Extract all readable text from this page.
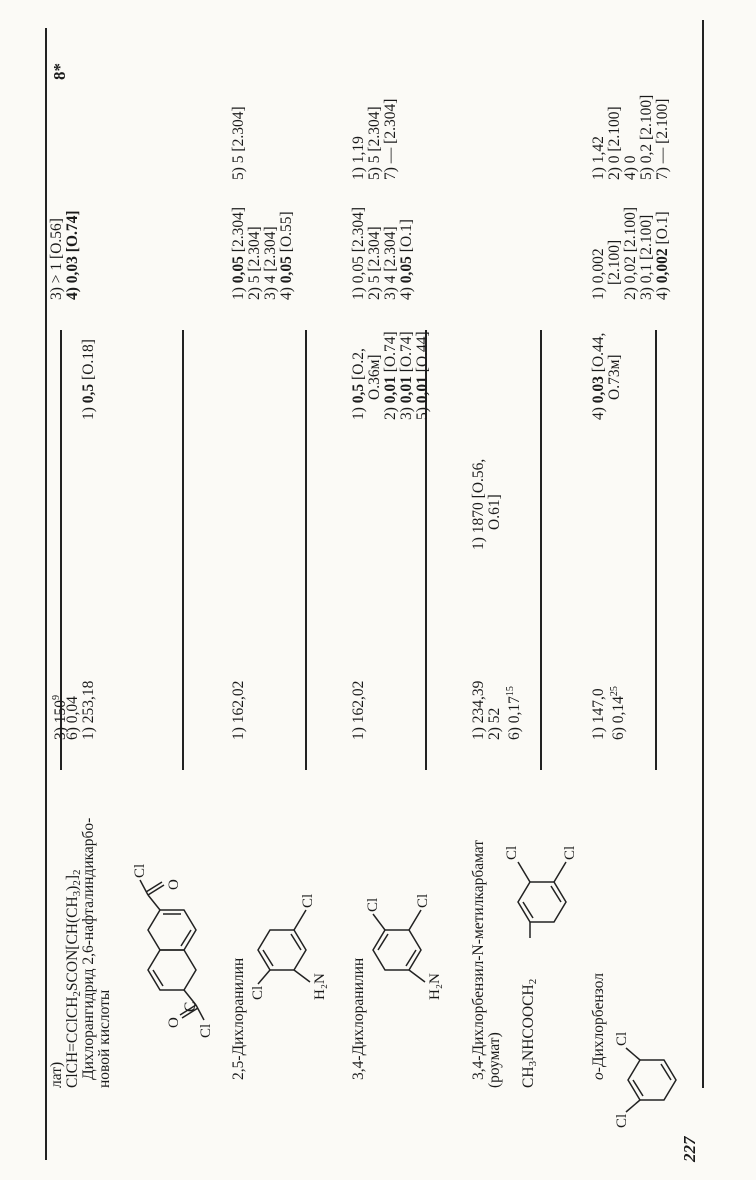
лат) $ClCH=CClCH_2SCON[CH(CH_3)_2]_2$
3) $150^9$ 6) 0,04
3) > 1 [O.56] 4) 0,03 [O.74]
Дихлорангидрид 2,6-нафталиндикарбо- новой кислоты
1) 253,18
1) 0,5 [O.18]
O
Cl
O
Cl
C 2,5-Дихлоранилин
1) 162,02
1) 0,05 [2.304] 2) 5 [2.304] 3) 4 [2.304] 4) 0,05 [O.55]
5) 5 [2.304]
H₂N
Cl
Cl
3,4-Дихлоранилин
1) 162,02
1) 0,5 [O.2, O.36м]
2) 0,01 [O.74]
3) 0,01 [O.74]
5) 0,01 [O.44]
1) 0,05 [2.304] 2) 5 [2.304] 3) 4 [2.304] 4) 0,05 [O.1]
1) 1,19 5) 5 [2.304] 7) — [2.304]
H₂N
Cl Cl	3,4-Дихлорбензил-N-метилкарбамат (роумат) $CH_3NHCOOCH_2$
1) 234,39 2) 52 6) 0,17$^{15}$
1) 1870 [O.56, O.61]
Cl	Cl
о-Дихлорбензол
1) 147,0 6) 0,14$^{25}$
4) 0,03 [O.44,
O.73м]
1) 0,002 [2.100] 2) 0,02 [2.100] 3) 0,1 [2.100] 4) 0,002 [O.1]
1) 1,42 2) 0 [2.100] 4) 0 5) 0,2 [2.100] 7) — [2.100]
Cl
Cl
227
8*
